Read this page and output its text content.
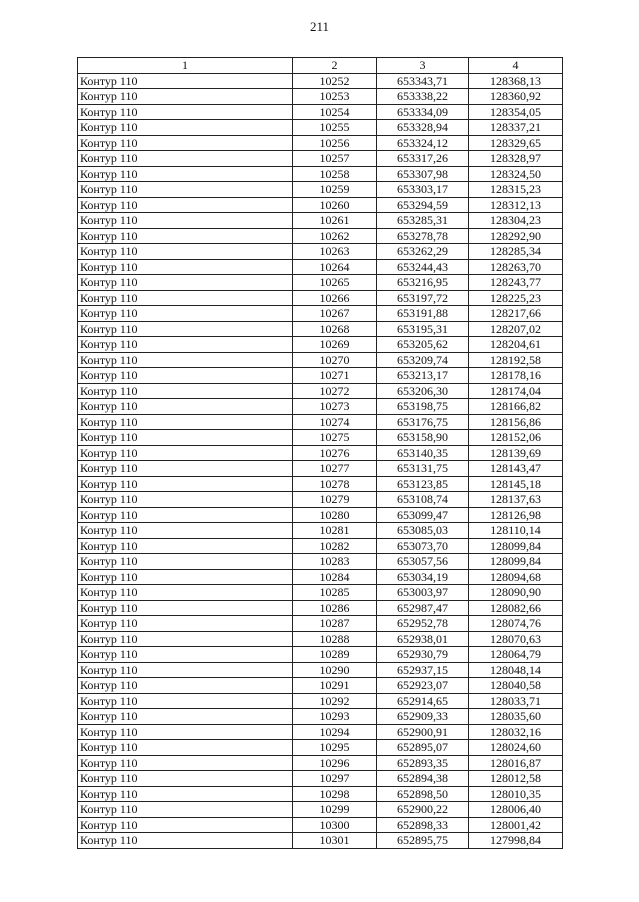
211
1	2	3	4
Контур 110	10252	653343,71	128368,13
Контур 110	10253	653338,22	128360,92
Контур 110	10254	653334,09	128354,05
Контур 110	10255	653328,94	128337,21
Контур 110	10256	653324,12	128329,65
Контур 110	10257	653317,26	128328,97
Контур 110	10258	653307,98	128324,50
Контур 110	10259	653303,17	128315,23
Контур 110	10260	653294,59	128312,13
Контур 110	10261	653285,31	128304,23
Контур 110	10262	653278,78	128292,90
Контур 110	10263	653262,29	128285,34
Контур 110	10264	653244,43	128263,70
Контур 110	10265	653216,95	128243,77
Контур 110	10266	653197,72	128225,23
Контур 110	10267	653191,88	128217,66
Контур 110	10268	653195,31	128207,02
Контур 110	10269	653205,62	128204,61
Контур 110	10270	653209,74	128192,58
Контур 110	10271	653213,17	128178,16
Контур 110	10272	653206,30	128174,04
Контур 110	10273	653198,75	128166,82
Контур 110	10274	653176,75	128156,86
Контур 110	10275	653158,90	128152,06
Контур 110	10276	653140,35	128139,69
Контур 110	10277	653131,75	128143,47
Контур 110	10278	653123,85	128145,18
Контур 110	10279	653108,74	128137,63
Контур 110	10280	653099,47	128126,98
Контур 110	10281	653085,03	128110,14
Контур 110	10282	653073,70	128099,84
Контур 110	10283	653057,56	128099,84
Контур 110	10284	653034,19	128094,68
Контур 110	10285	653003,97	128090,90
Контур 110	10286	652987,47	128082,66
Контур 110	10287	652952,78	128074,76
Контур 110	10288	652938,01	128070,63
Контур 110	10289	652930,79	128064,79
Контур 110	10290	652937,15	128048,14
Контур 110	10291	652923,07	128040,58
Контур 110	10292	652914,65	128033,71
Контур 110	10293	652909,33	128035,60
Контур 110	10294	652900,91	128032,16
Контур 110	10295	652895,07	128024,60
Контур 110	10296	652893,35	128016,87
Контур 110	10297	652894,38	128012,58
Контур 110	10298	652898,50	128010,35
Контур 110	10299	652900,22	128006,40
Контур 110	10300	652898,33	128001,42
Контур 110	10301	652895,75	127998,84
